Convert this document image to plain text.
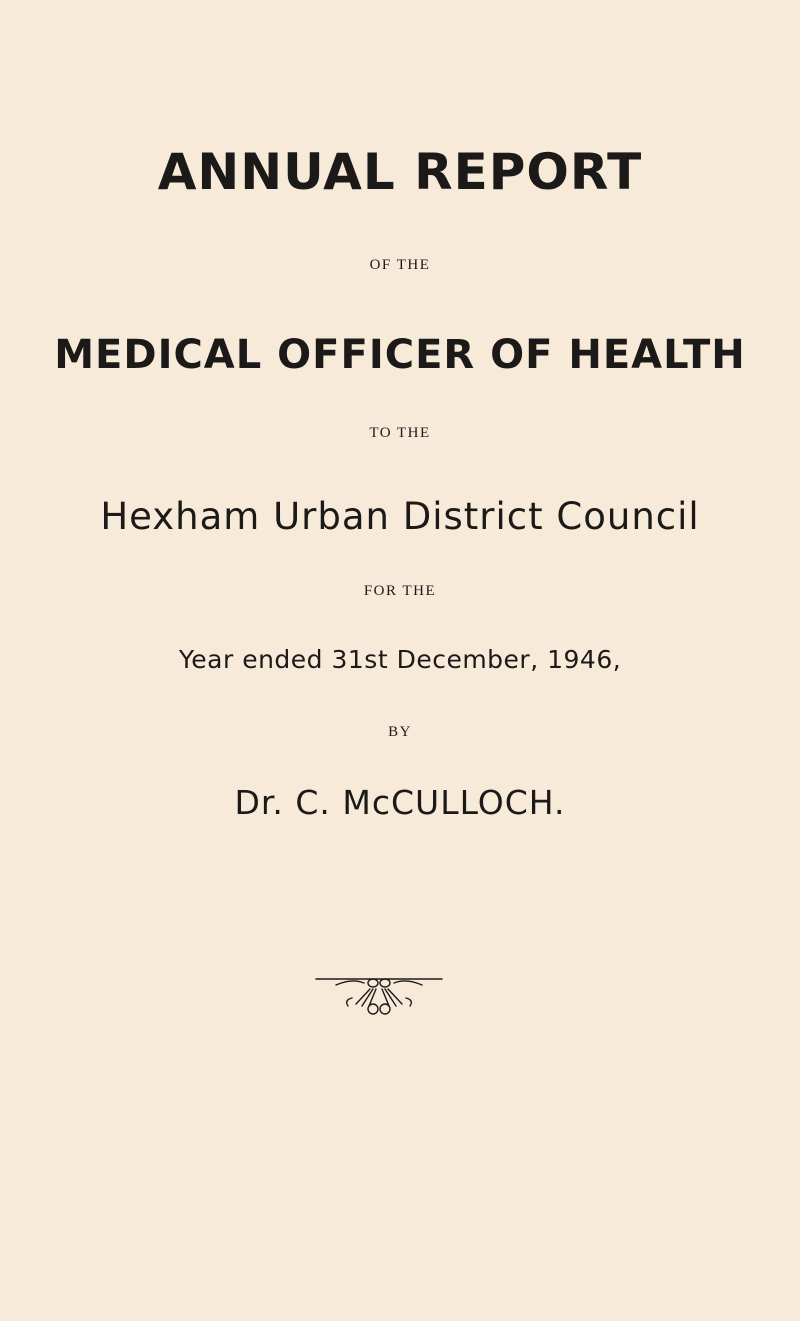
ANNUAL REPORT
OF THE
MEDICAL OFFICER OF HEALTH
TO THE
Hexham Urban District Council
FOR THE
Year ended 31st December, 1946,
BY
Dr. C. McCULLOCH.
